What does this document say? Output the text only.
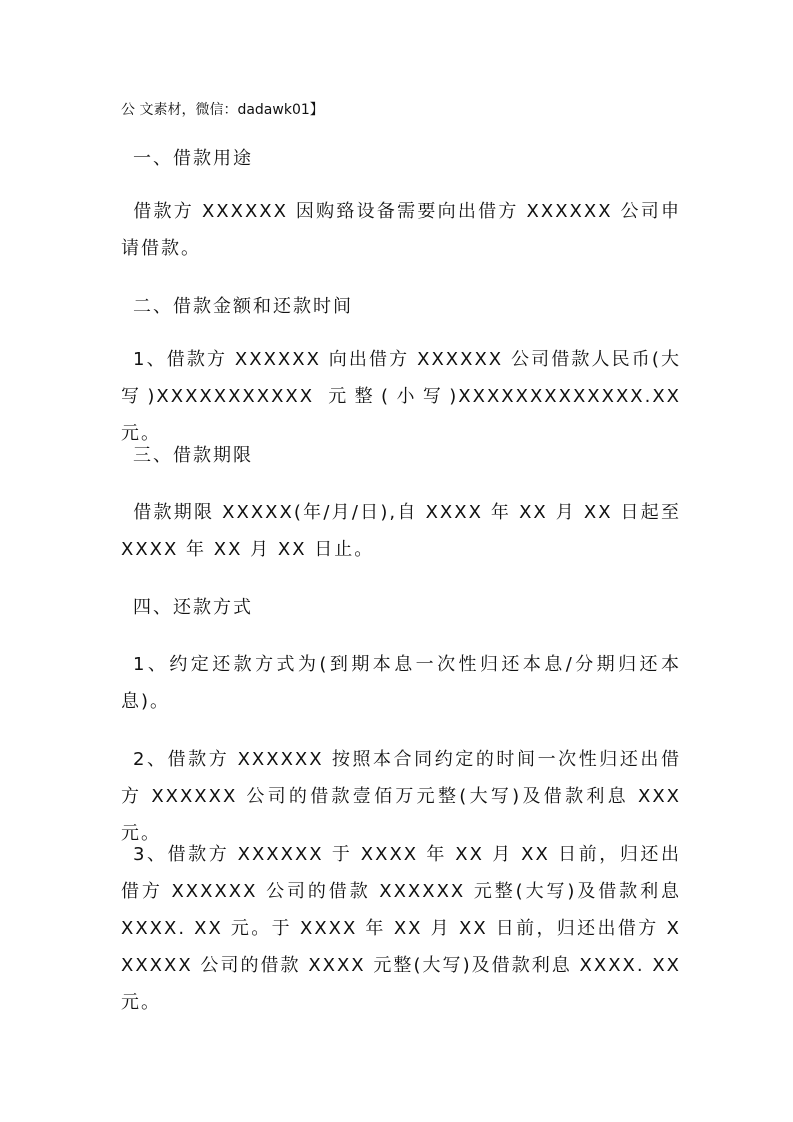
公 文素材，微信：dadawk01】
一、借款用途
借款方 XXXXXX 因购臵设备需要向出借方 XXXXXX 公司申请借款。
二、借款金额和还款时间
1、借款方 XXXXXX 向出借方 XXXXXX 公司借款人民币(大写)XXXXXXXXXXX 元整(小写)XXXXXXXXXXXXX.XX 元。
三、借款期限
借款期限 XXXXX(年/月/日),自 XXXX 年 XX 月 XX 日起至 XXXX 年 XX 月 XX 日止。
四、还款方式
1、约定还款方式为(到期本息一次性归还本息/分期归还本息)。
2、借款方 XXXXXX 按照本合同约定的时间一次性归还出借方 XXXXXX 公司的借款壹佰万元整(大写)及借款利息 XXX 元。
3、借款方 XXXXXX 于 XXXX 年 XX 月 XX 日前，归还出借方 XXXXXX 公司的借款 XXXXXX 元整(大写)及借款利息 XXXX. XX 元。于 XXXX 年 XX 月 XX 日前，归还出借方 XXXXXX 公司的借款 XXXX 元整(大写)及借款利息 XXXX. XX 元。
